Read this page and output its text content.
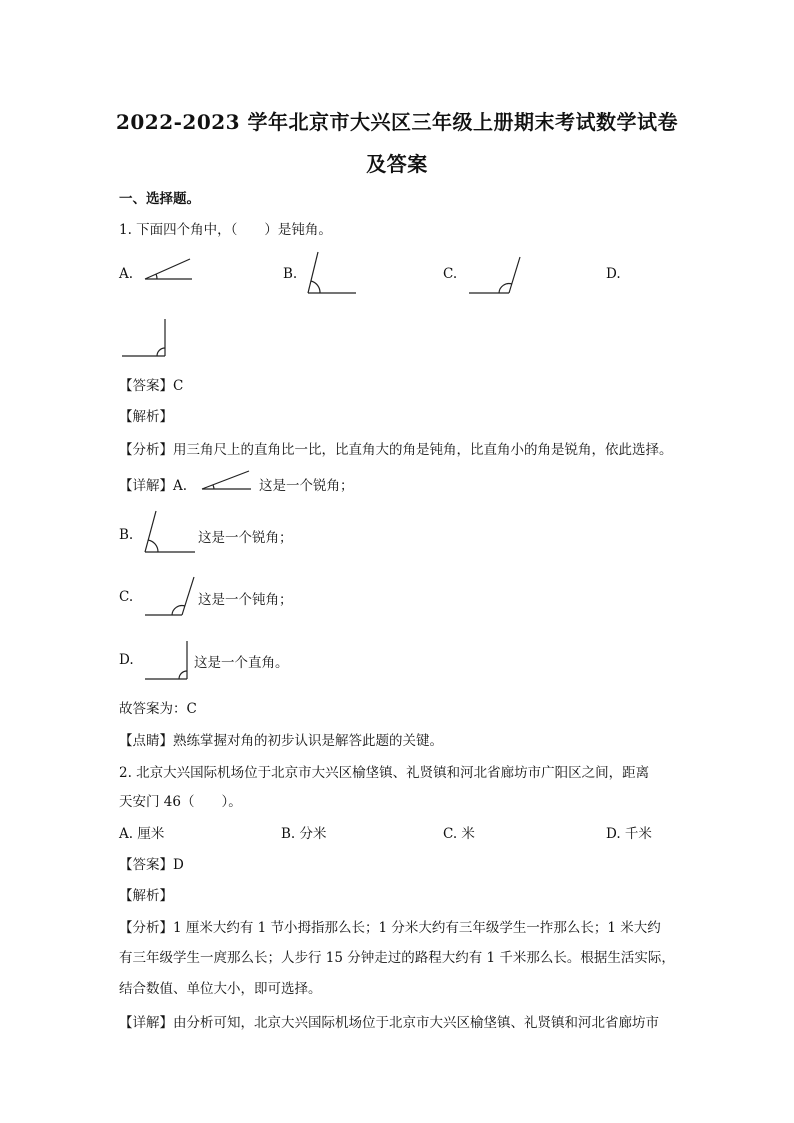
2022-2023 学年北京市大兴区三年级上册期末考试数学试卷
及答案
一、选择题。
1. 下面四个角中，（　　）是钝角。
A.	B.	C.	D.
【答案】C
【解析】
【分析】用三角尺上的直角比一比，比直角大的角是钝角，比直角小的角是锐角，依此选择。
【详解】A.	这是一个锐角；
B.	这是一个锐角；
C.	这是一个钝角；
D.	这是一个直角。
故答案为：C
【点睛】熟练掌握对角的初步认识是解答此题的关键。
2. 北京大兴国际机场位于北京市大兴区榆垡镇、礼贤镇和河北省廊坊市广阳区之间，距离
天安门 46（　　）。
A. 厘米	B. 分米	C. 米	D. 千米
【答案】D
【解析】
【分析】1 厘米大约有 1 节小拇指那么长；1 分米大约有三年级学生一拃那么长；1 米大约
有三年级学生一庹那么长；人步行 15 分钟走过的路程大约有 1 千米那么长。根据生活实际，
结合数值、单位大小，即可选择。
【详解】由分析可知，北京大兴国际机场位于北京市大兴区榆垡镇、礼贤镇和河北省廊坊市
